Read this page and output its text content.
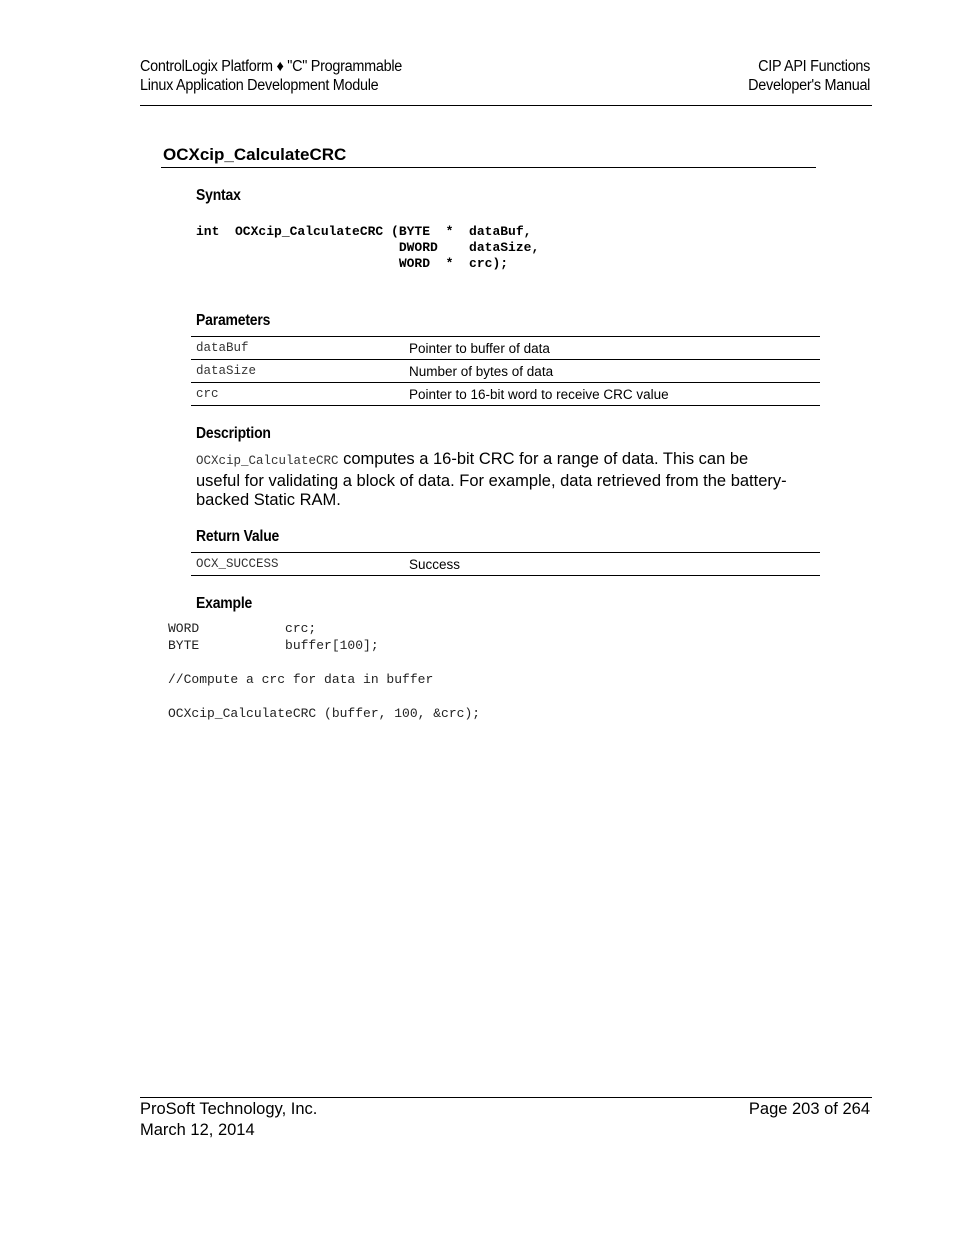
ControlLogix Platform ♦ "C" Programmable
Linux Application Development Module
CIP API Functions
Developer's Manual
OCXcip_CalculateCRC
Syntax
int  OCXcip_CalculateCRC (BYTE  *  dataBuf,
DWORD    dataSize,
WORD  *  crc);
Parameters
dataBuf	Pointer to buffer of data
dataSize	Number of bytes of data
crc	Pointer to 16-bit word to receive CRC value
Description
OCXcip_CalculateCRC computes a 16-bit CRC for a range of data. This can be useful for validating a block of data. For example, data retrieved from the battery-backed Static RAM.
Return Value
OCX_SUCCESS	Success
Example
WORD           crc;
BYTE           buffer[100];

//Compute a crc for data in buffer

OCXcip_CalculateCRC (buffer, 100, &crc);
ProSoft Technology, Inc.
March 12, 2014
Page 203 of 264
